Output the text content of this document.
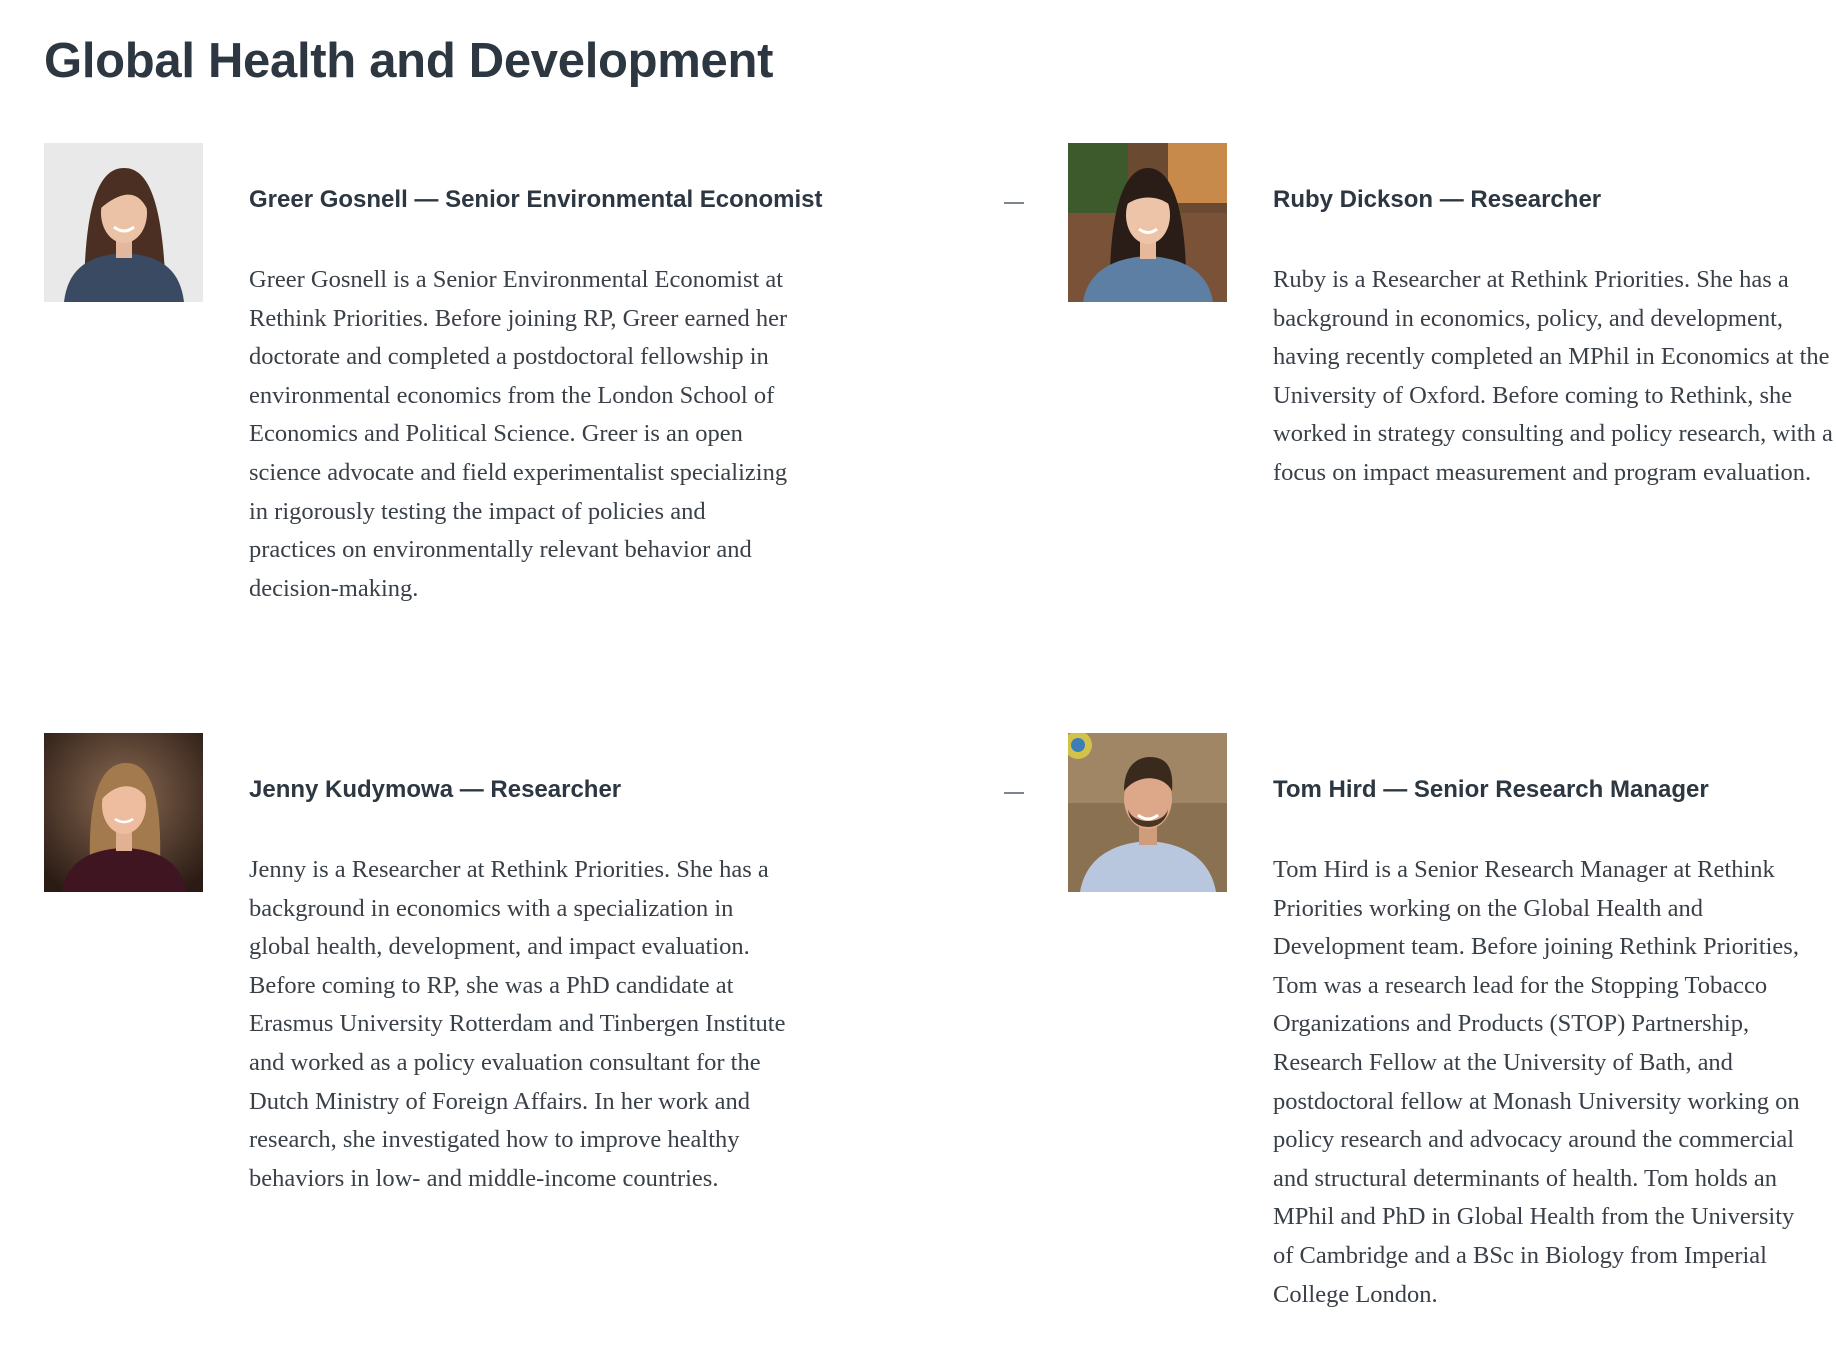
Global Health and Development
Greer Gosnell — Senior Environmental Economist

Greer Gosnell is a Senior Environmental Economist at Rethink Priorities. Before joining RP, Greer earned her doctorate and completed a postdoctoral fellowship in environmental economics from the London School of Economics and Political Science. Greer is an open science advocate and field experimentalist specializing in rigorously testing the impact of policies and practices on environmentally relevant behavior and decision-making.

Ruby Dickson — Researcher

Ruby is a Researcher at Rethink Priorities. She has a background in economics, policy, and development, having recently completed an MPhil in Economics at the University of Oxford. Before coming to Rethink, she worked in strategy consulting and policy research, with a focus on impact measurement and program evaluation.

Jenny Kudymowa — Researcher

Jenny is a Researcher at Rethink Priorities. She has a background in economics with a specialization in global health, development, and impact evaluation. Before coming to RP, she was a PhD candidate at Erasmus University Rotterdam and Tinbergen Institute and worked as a policy evaluation consultant for the Dutch Ministry of Foreign Affairs. In her work and research, she investigated how to improve healthy behaviors in low- and middle-income countries.

Tom Hird — Senior Research Manager

Tom Hird is a Senior Research Manager at Rethink Priorities working on the Global Health and Development team. Before joining Rethink Priorities, Tom was a research lead for the Stopping Tobacco Organizations and Products (STOP) Partnership, Research Fellow at the University of Bath, and postdoctoral fellow at Monash University working on policy research and advocacy around the commercial and structural determinants of health. Tom holds an MPhil and PhD in Global Health from the University of Cambridge and a BSc in Biology from Imperial College London.
